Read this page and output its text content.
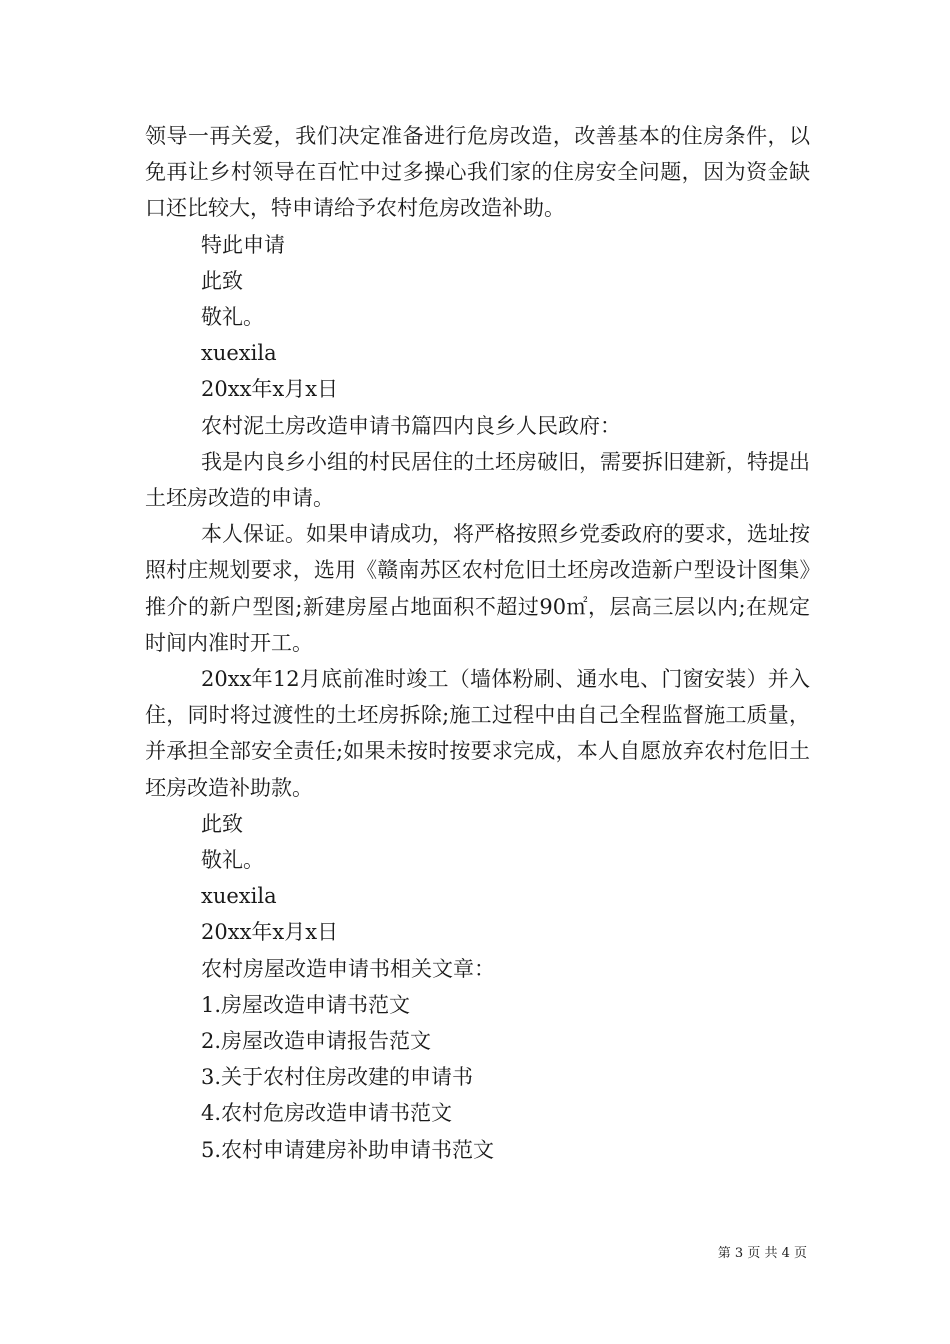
领导一再关爱，我们决定准备进行危房改造，改善基本的住房条件，以免再让乡村领导在百忙中过多操心我们家的住房安全问题，因为资金缺口还比较大，特申请给予农村危房改造补助。

特此申请

此致

敬礼。

xuexila

20xx年x月x日

农村泥土房改造申请书篇四内良乡人民政府：

我是内良乡小组的村民居住的土坯房破旧，需要拆旧建新，特提出土坯房改造的申请。

本人保证。如果申请成功，将严格按照乡党委政府的要求，选址按照村庄规划要求，选用《赣南苏区农村危旧土坯房改造新户型设计图集》推介的新户型图;新建房屋占地面积不超过90㎡，层高三层以内;在规定时间内准时开工。

20xx年12月底前准时竣工（墙体粉刷、通水电、门窗安装）并入住，同时将过渡性的土坯房拆除;施工过程中由自己全程监督施工质量，并承担全部安全责任;如果未按时按要求完成，本人自愿放弃农村危旧土坯房改造补助款。

此致

敬礼。

xuexila

20xx年x月x日

农村房屋改造申请书相关文章：

1.房屋改造申请书范文

2.房屋改造申请报告范文

3.关于农村住房改建的申请书

4.农村危房改造申请书范文

5.农村申请建房补助申请书范文

第 3 页 共 4 页
